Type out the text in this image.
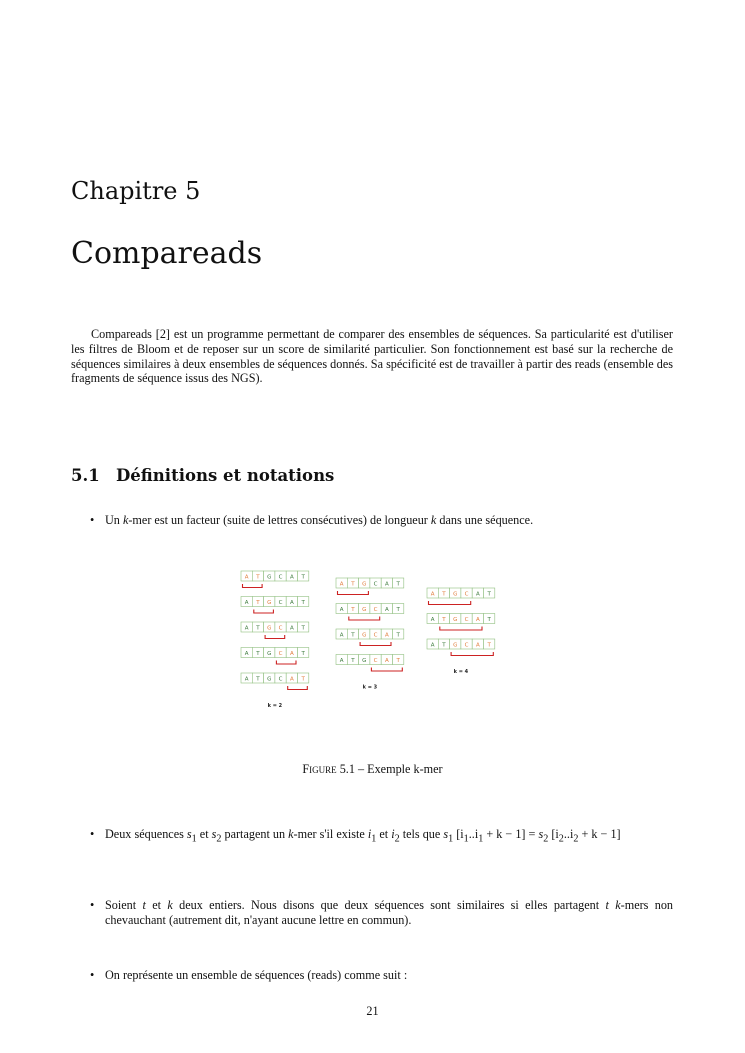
Chapitre 5
Compareads

Compareads [2] est un programme permettant de comparer des ensembles de séquences. Sa particularité est d'utiliser les filtres de Bloom et de reposer sur un score de similarité particulier. Son fonctionnement est basé sur la recherche de séquences similaires à deux ensembles de séquences donnés. Sa spécificité est de travailler à partir des reads (ensemble des fragments de séquence issus des NGS).

5.1 Définitions et notations
• Un k-mer est un facteur (suite de lettres consécutives) de longueur k dans une séquence.
A T G C A T
A T G C A T
A T G C A T
A T G C A T
A T G C A T
k = 2
A T G C A T
A T G C A T
A T G C A T
A T G C A T
k = 3
A T G C A T
A T G C A T
A T G C A T
k = 4
Figure 5.1 – Exemple k-mer
• Deux séquences $s_1$ et $s_2$ partagent un k-mer s'il existe $i_1$ et $i_2$ tels que $s_1$ $[i_1..i_1 + k - 1] = s_2$ $[i_2..i_2 + k - 1]$
• Soient t et k deux entiers. Nous disons que deux séquences sont similaires si elles partagent t k-mers non chevauchant (autrement dit, n'ayant aucune lettre en commun).
• On représente un ensemble de séquences (reads) comme suit :
21
